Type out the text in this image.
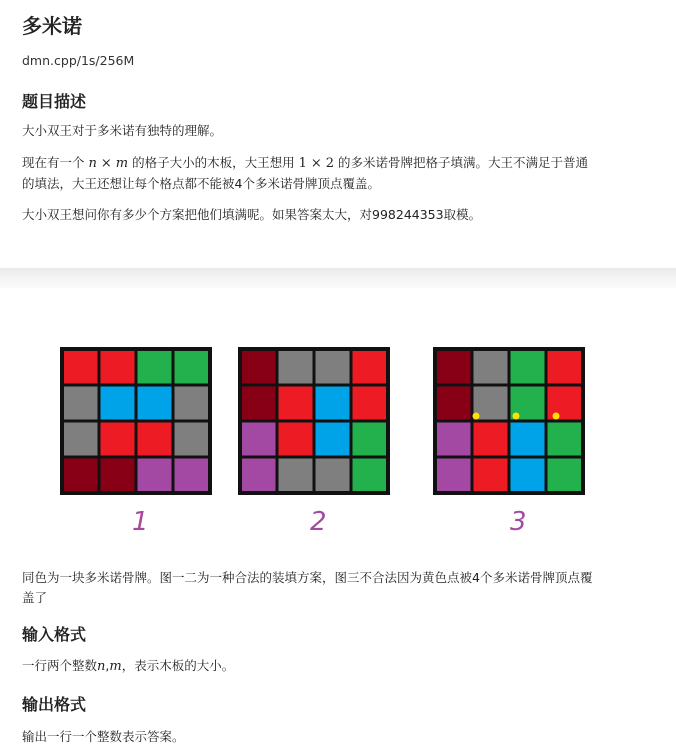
多米诺
dmn.cpp/1s/256M
题目描述
大小双王对于多米诺有独特的理解。
现在有一个 n × m 的格子大小的木板，大王想用 1 × 2 的多米诺骨牌把格子填满。大王不满足于普通
的填法，大王还想让每个格点都不能被4个多米诺骨牌顶点覆盖。
大小双王想问你有多少个方案把他们填满呢。如果答案太大，对998244353取模。
1	2	3
同色为一块多米诺骨牌。图一二为一种合法的装填方案，图三不合法因为黄色点被4个多米诺骨牌顶点覆
盖了
输入格式
一行两个整数n,m，表示木板的大小。
输出格式
输出一行一个整数表示答案。
